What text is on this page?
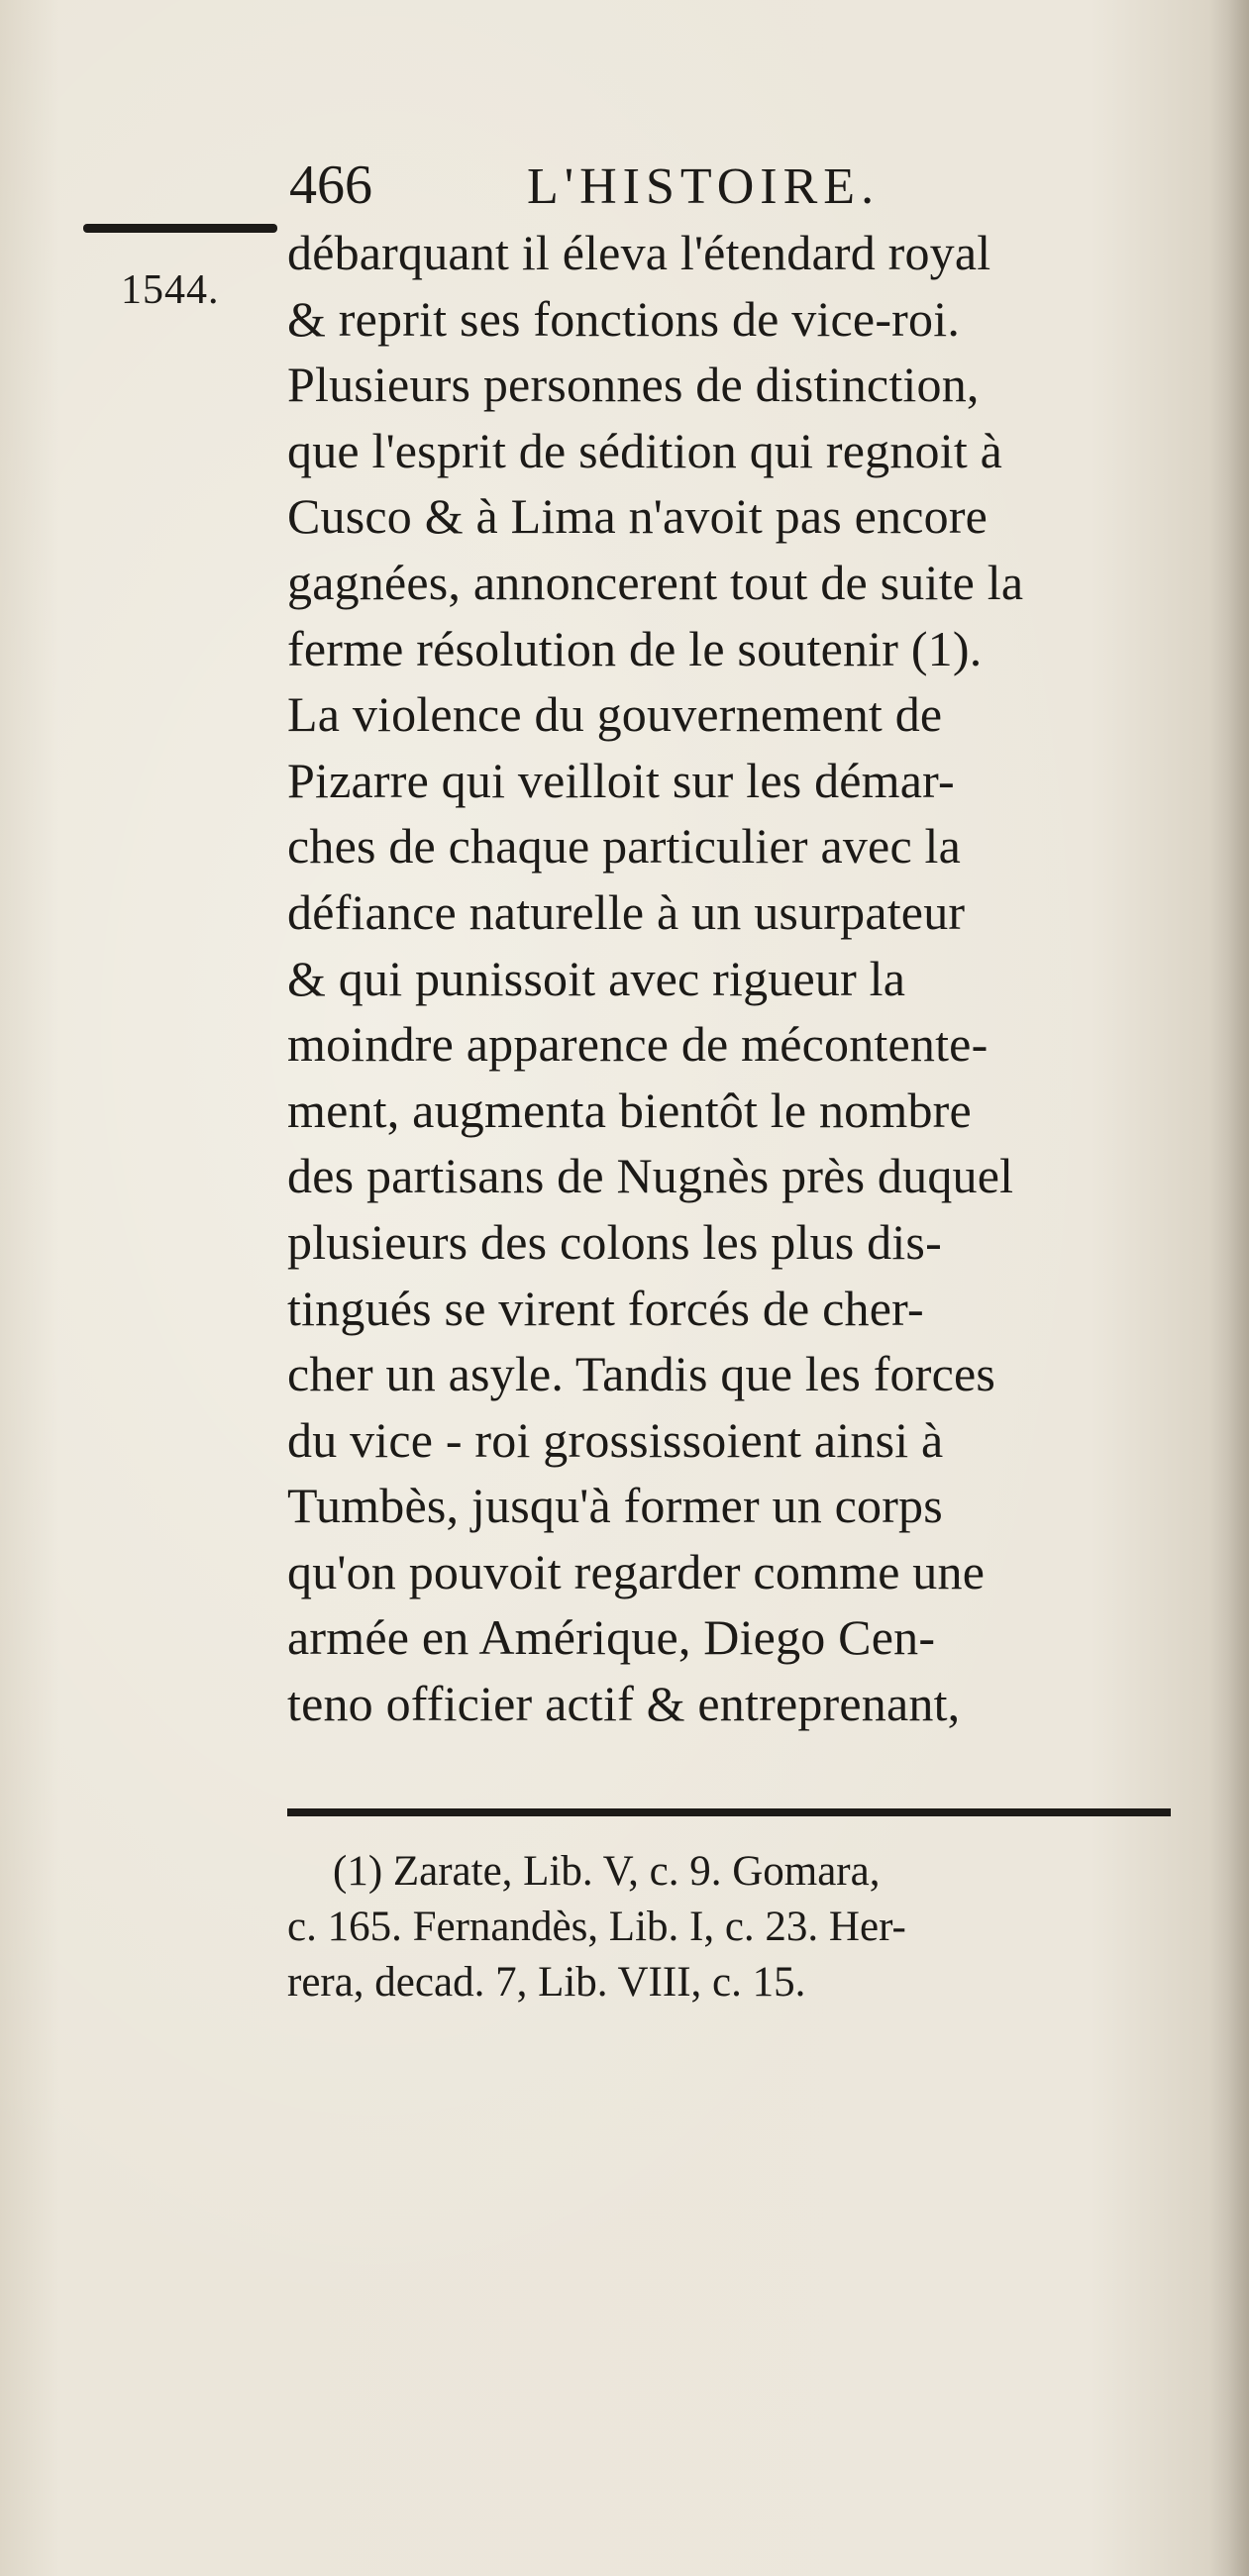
466	L'HISTOIRE.
1544.
débarquant il éleva l'étendard royal
& reprit ses fonctions de vice-roi.
Plusieurs personnes de distinction,
que l'esprit de sédition qui regnoit à
Cusco & à Lima n'avoit pas encore
gagnées, annoncerent tout de suite la
ferme résolution de le soutenir (1).
La violence du gouvernement de
Pizarre qui veilloit sur les démar-
ches de chaque particulier avec la
défiance naturelle à un usurpateur
& qui punissoit avec rigueur la
moindre apparence de mécontente-
ment, augmenta bientôt le nombre
des partisans de Nugnès près duquel
plusieurs des colons les plus dis-
tingués se virent forcés de cher-
cher un asyle. Tandis que les forces
du vice - roi grossissoient ainsi à
Tumbès, jusqu'à former un corps
qu'on pouvoit regarder comme une
armée en Amérique, Diego Cen-
teno officier actif & entreprenant,
(1) Zarate, Lib. V, c. 9. Gomara,
c. 165. Fernandès, Lib. I, c. 23. Her-
rera, decad. 7, Lib. VIII, c. 15.
